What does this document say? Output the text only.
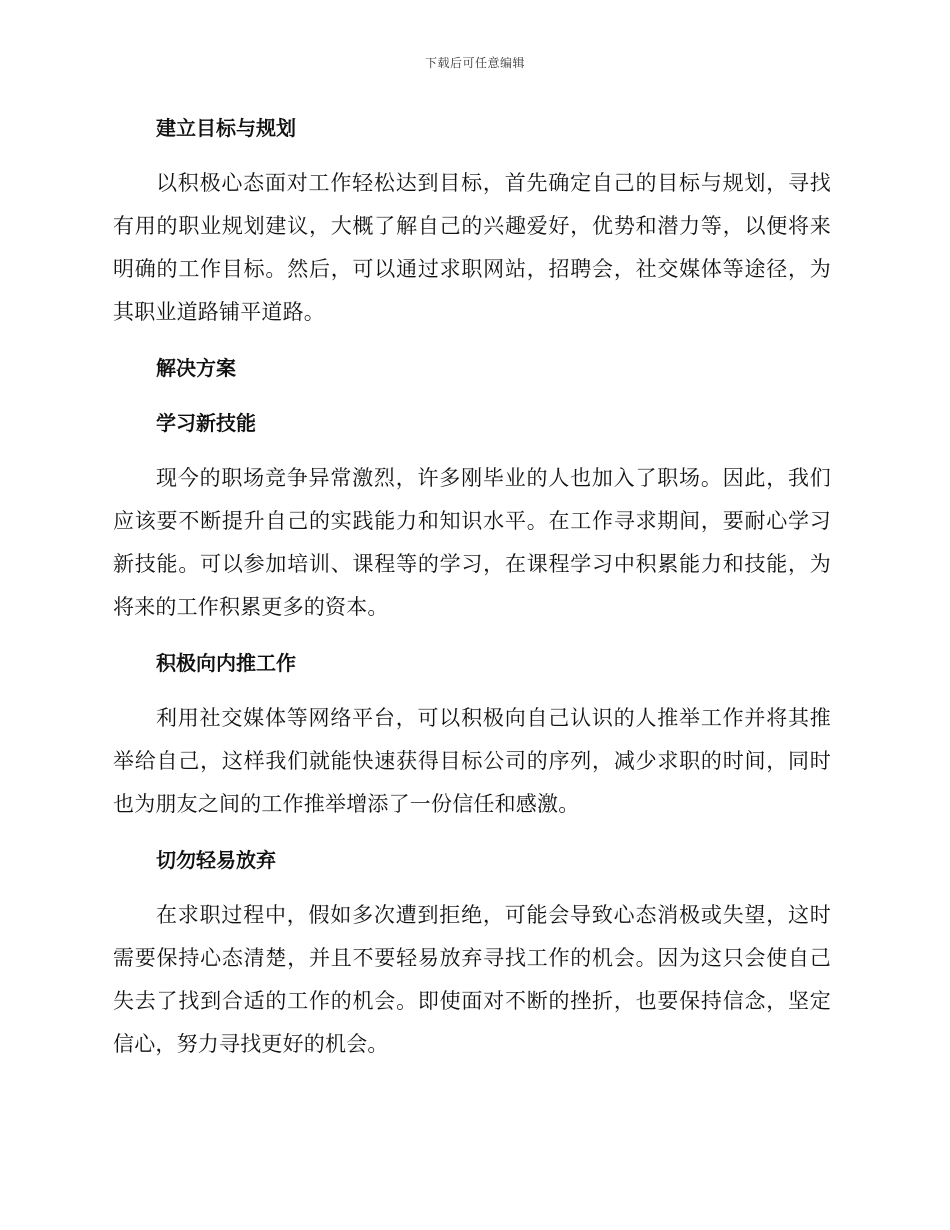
下载后可任意编辑
建立目标与规划

以积极心态面对工作轻松达到目标，首先确定自己的目标与规划，寻找有用的职业规划建议，大概了解自己的兴趣爱好，优势和潜力等，以便将来明确的工作目标。然后，可以通过求职网站，招聘会，社交媒体等途径，为其职业道路铺平道路。

解决方案
学习新技能

现今的职场竞争异常激烈，许多刚毕业的人也加入了职场。因此，我们应该要不断提升自己的实践能力和知识水平。在工作寻求期间，要耐心学习新技能。可以参加培训、课程等的学习，在课程学习中积累能力和技能，为将来的工作积累更多的资本。

积极向内推工作

利用社交媒体等网络平台，可以积极向自己认识的人推举工作并将其推举给自己，这样我们就能快速获得目标公司的序列，减少求职的时间，同时也为朋友之间的工作推举增添了一份信任和感激。

切勿轻易放弃

在求职过程中，假如多次遭到拒绝，可能会导致心态消极或失望，这时需要保持心态清楚，并且不要轻易放弃寻找工作的机会。因为这只会使自己失去了找到合适的工作的机会。即使面对不断的挫折，也要保持信念，坚定信心，努力寻找更好的机会。
